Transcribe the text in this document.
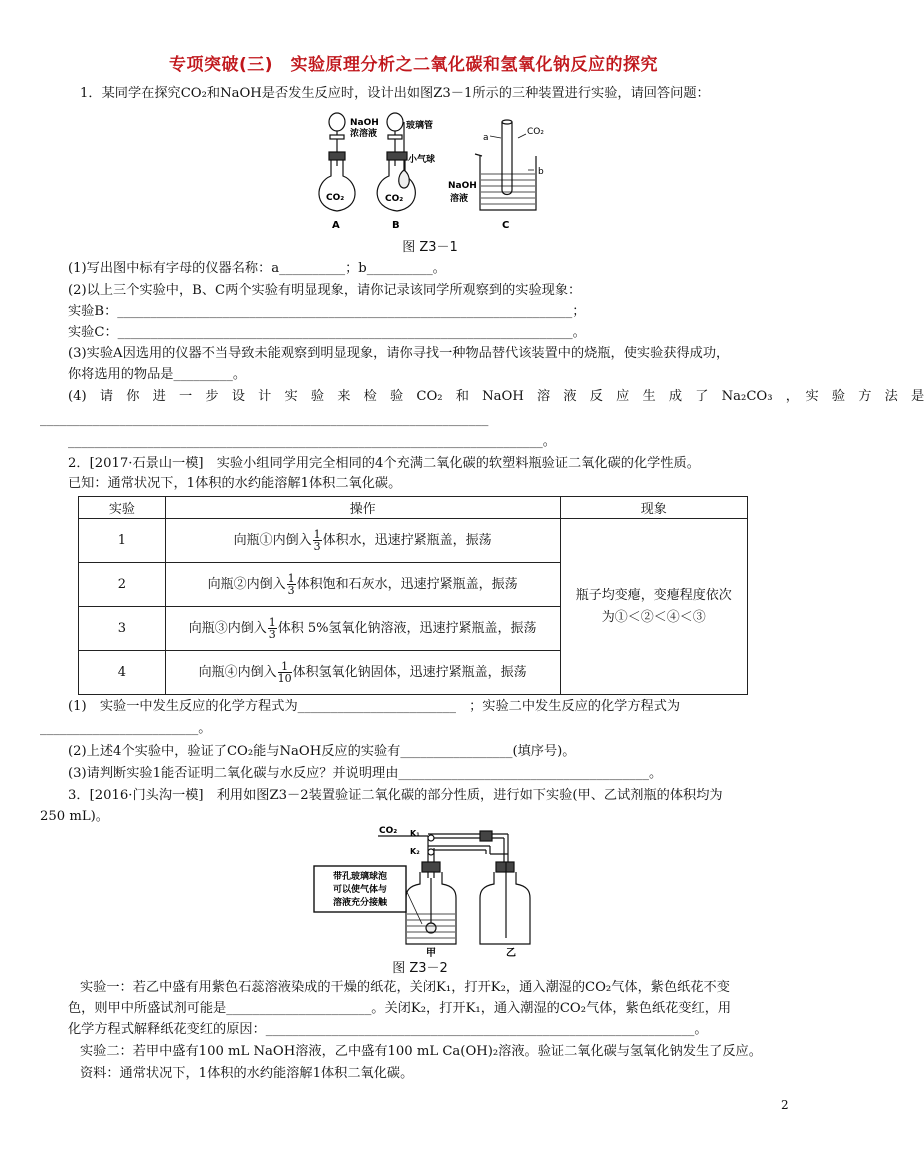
专项突破(三)　实验原理分析之二氧化碳和氢氧化钠反应的探究
1．某同学在探究CO₂和NaOH是否发生反应时，设计出如图Z3－1所示的三种装置进行实验，请回答问题：
NaOH
浓溶液
玻璃管
小气球
CO₂	CO₂
a
CO₂
b
NaOH
溶液
A	B	C
图 Z3－1
(1)写出图中标有字母的仪器名称：a__________；b__________。
(2)以上三个实验中，B、C两个实验有明显现象，请你记录该同学所观察到的实验现象：
实验B：_____________________________________________________________________；
实验C：_____________________________________________________________________。
(3)实验A因选用的仪器不当导致未能观察到明显现象，请你寻找一种物品替代该装置中的烧瓶，使实验获得成功，
你将选用的物品是_________。
(4)　请　你　进　一　步　设　计　实　验　来　检　验　CO₂　和　NaOH　溶　液　反　应　生　成　了　Na₂CO₃　，　实　验　方　法　是
____________________________________________________________________
________________________________________________________________________。
2．[2017·石景山一模]　实验小组同学用完全相同的4个充满二氧化碳的软塑料瓶验证二氧化碳的化学性质。
已知：通常状况下，1体积的水约能溶解1体积二氧化碳。
实验	操作	现象
1	向瓶①内倒入 $\frac{1}{3}$ 体积水，迅速拧紧瓶盖，振荡	瓶子均变瘪，变瘪程度依次
为①＜②＜④＜③
2	向瓶②内倒入 $\frac{1}{3}$ 体积饱和石灰水，迅速拧紧瓶盖，振荡	
3	向瓶③内倒入 $\frac{1}{3}$ 体积 5%氢氧化钠溶液，迅速拧紧瓶盖，振荡	
4	向瓶④内倒入 $\frac{1}{10}$ 体积氢氧化钠固体，迅速拧紧瓶盖，振荡	
(1)　实验一中发生反应的化学方程式为________________________　；实验二中发生反应的化学方程式为
________________________。
(2)上述4个实验中，验证了CO₂能与NaOH反应的实验有_________________(填序号)。
(3)请判断实验1能否证明二氧化碳与水反应？并说明理由______________________________________。
3．[2016·门头沟一模]　利用如图Z3－2装置验证二氧化碳的部分性质，进行如下实验(甲、乙试剂瓶的体积均为
250 mL)。
CO₂ K₁
K₂
带孔玻璃球泡
可以使气体与
溶液充分接触
甲	乙
图 Z3－2
实验一：若乙中盛有用紫色石蕊溶液染成的干燥的纸花，关闭K₁，打开K₂，通入潮湿的CO₂气体，紫色纸花不变
色，则甲中所盛试剂可能是______________________。关闭K₂，打开K₁，通入潮湿的CO₂气体，紫色纸花变红，用
化学方程式解释纸花变红的原因：_________________________________________________________________。
实验二：若甲中盛有100 mL NaOH溶液，乙中盛有100 mL Ca(OH)₂溶液。验证二氧化碳与氢氧化钠发生了反应。
资料：通常状况下，1体积的水约能溶解1体积二氧化碳。
2
